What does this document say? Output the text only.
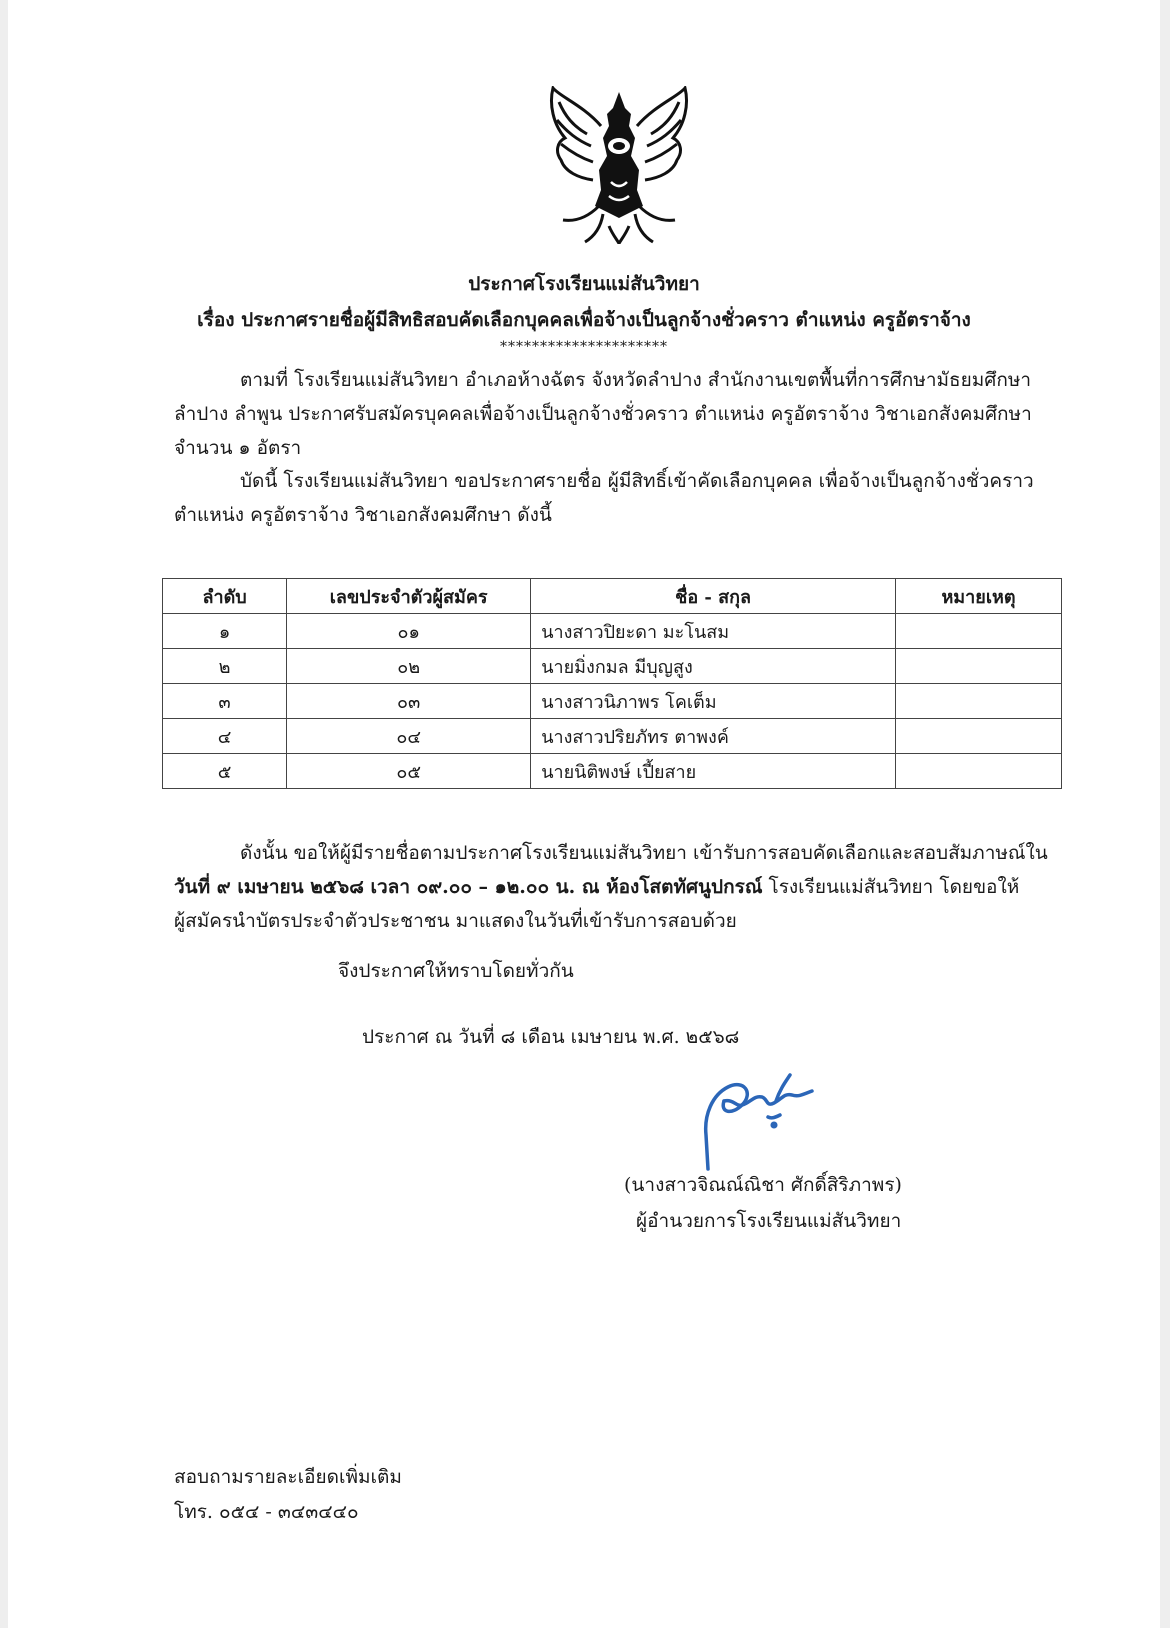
ประกาศโรงเรียนแม่สันวิทยา
เรื่อง ประกาศรายชื่อผู้มีสิทธิสอบคัดเลือกบุคคลเพื่อจ้างเป็นลูกจ้างชั่วคราว ตำแหน่ง ครูอัตราจ้าง
*********************
ตามที่ โรงเรียนแม่สันวิทยา อำเภอห้างฉัตร จังหวัดลำปาง สำนักงานเขตพื้นที่การศึกษามัธยมศึกษา
ลำปาง ลำพูน ประกาศรับสมัครบุคคลเพื่อจ้างเป็นลูกจ้างชั่วคราว ตำแหน่ง ครูอัตราจ้าง วิชาเอกสังคมศึกษา
จำนวน ๑ อัตรา
บัดนี้ โรงเรียนแม่สันวิทยา ขอประกาศรายชื่อ ผู้มีสิทธิ์เข้าคัดเลือกบุคคล เพื่อจ้างเป็นลูกจ้างชั่วคราว
ตำแหน่ง ครูอัตราจ้าง วิชาเอกสังคมศึกษา ดังนี้
ลำดับ	เลขประจำตัวผู้สมัคร	ชื่อ - สกุล	หมายเหตุ
๑	๐๑	นางสาวปิยะดา มะโนสม	
๒	๐๒	นายมิ่งกมล มีบุญสูง	
๓	๐๓	นางสาวนิภาพร โคเต็ม	
๔	๐๔	นางสาวปริยภัทร ตาพงค์	
๕	๐๕	นายนิติพงษ์ เปี้ยสาย	
ดังนั้น ขอให้ผู้มีรายชื่อตามประกาศโรงเรียนแม่สันวิทยา เข้ารับการสอบคัดเลือกและสอบสัมภาษณ์ใน
วันที่ ๙ เมษายน ๒๕๖๘ เวลา ๐๙.๐๐ – ๑๒.๐๐ น. ณ ห้องโสตทัศนูปกรณ์ โรงเรียนแม่สันวิทยา โดยขอให้
ผู้สมัครนำบัตรประจำตัวประชาชน มาแสดงในวันที่เข้ารับการสอบด้วย
จึงประกาศให้ทราบโดยทั่วกัน
ประกาศ ณ วันที่ ๘ เดือน เมษายน พ.ศ. ๒๕๖๘
(นางสาวจิณณ์ณิชา ศักดิ์สิริภาพร)
ผู้อำนวยการโรงเรียนแม่สันวิทยา
สอบถามรายละเอียดเพิ่มเติม
โทร. ๐๕๔ - ๓๔๓๔๔๐
